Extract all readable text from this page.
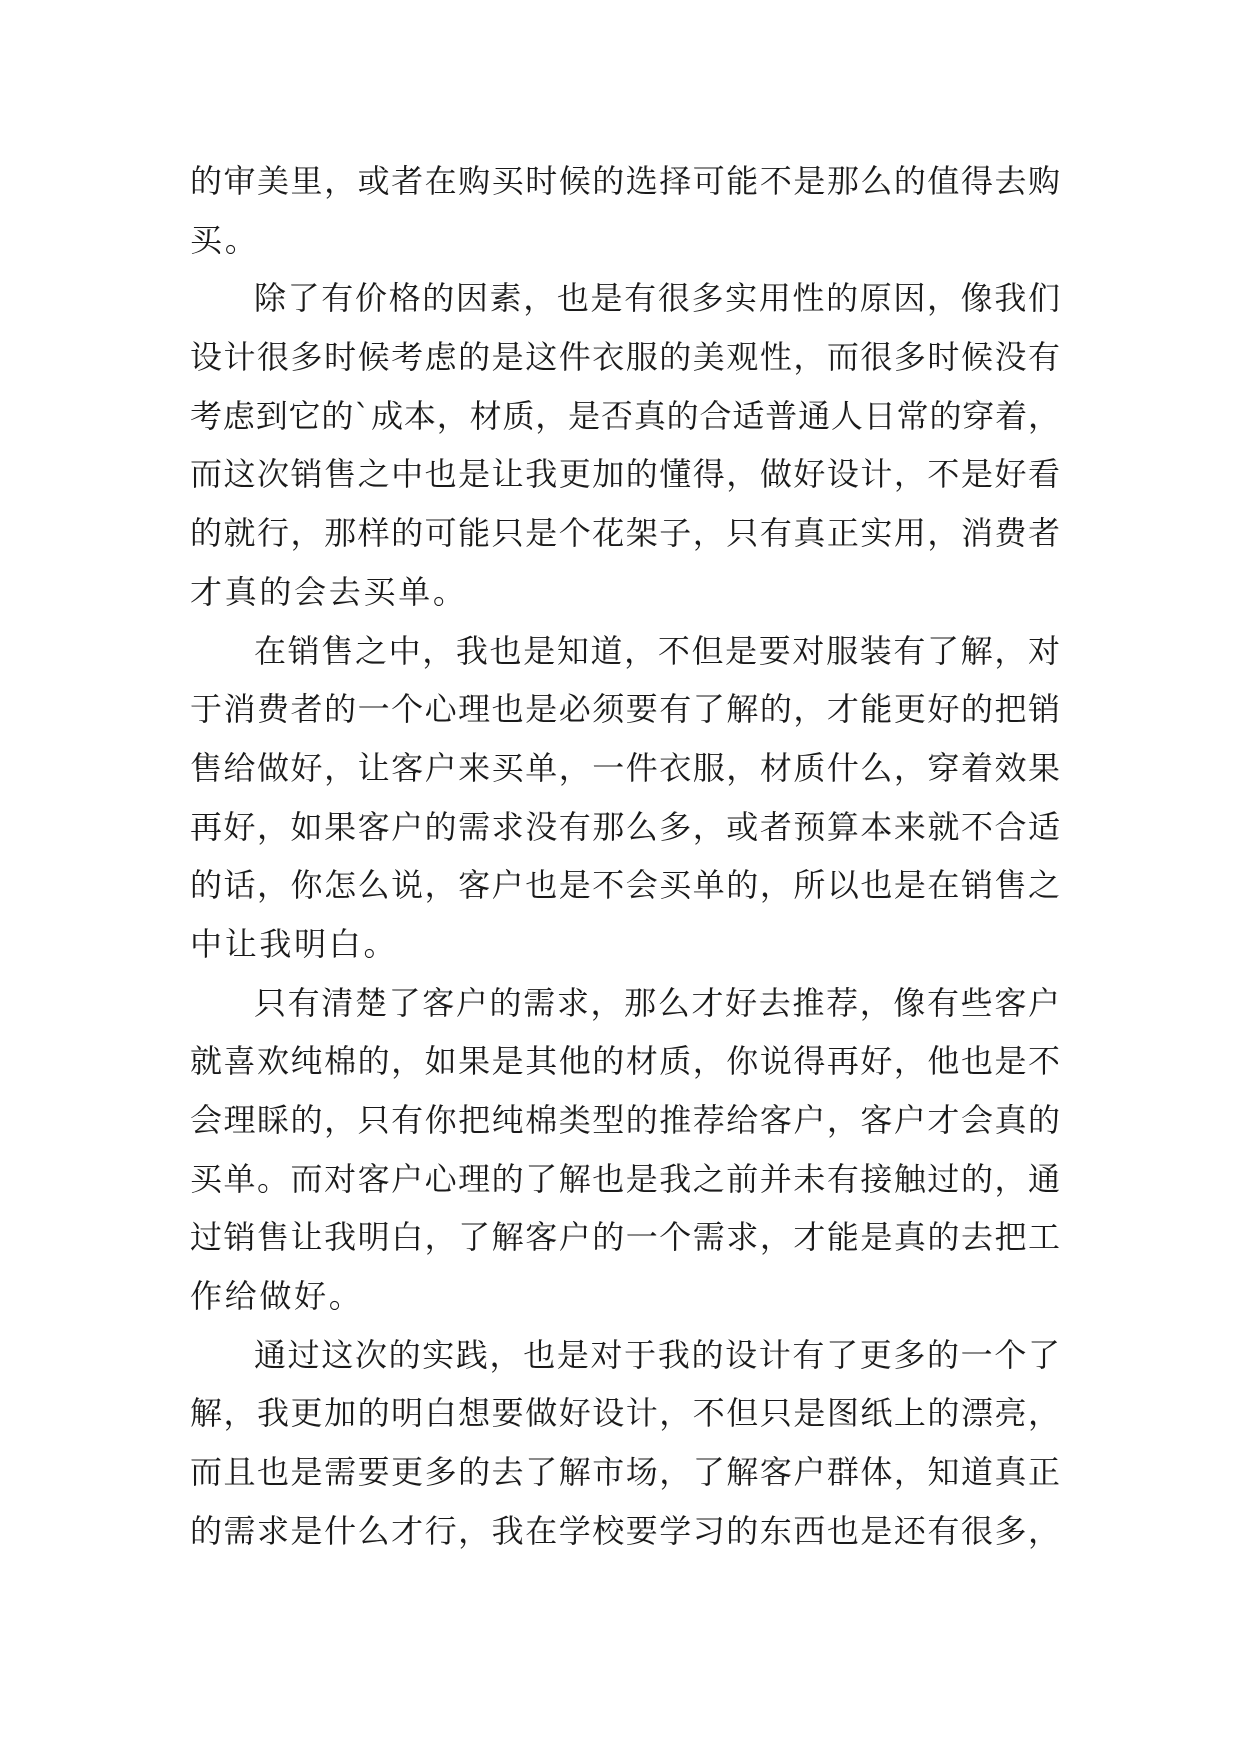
的审美里，或者在购买时候的选择可能不是那么的值得去购
买。
除了有价格的因素，也是有很多实用性的原因，像我们
设计很多时候考虑的是这件衣服的美观性，而很多时候没有
考虑到它的`成本，材质，是否真的合适普通人日常的穿着，
而这次销售之中也是让我更加的懂得，做好设计，不是好看
的就行，那样的可能只是个花架子，只有真正实用，消费者
才真的会去买单。
在销售之中，我也是知道，不但是要对服装有了解，对
于消费者的一个心理也是必须要有了解的，才能更好的把销
售给做好，让客户来买单，一件衣服，材质什么，穿着效果
再好，如果客户的需求没有那么多，或者预算本来就不合适
的话，你怎么说，客户也是不会买单的，所以也是在销售之
中让我明白。
只有清楚了客户的需求，那么才好去推荐，像有些客户
就喜欢纯棉的，如果是其他的材质，你说得再好，他也是不
会理睬的，只有你把纯棉类型的推荐给客户，客户才会真的
买单。而对客户心理的了解也是我之前并未有接触过的，通
过销售让我明白，了解客户的一个需求，才能是真的去把工
作给做好。
通过这次的实践，也是对于我的设计有了更多的一个了
解，我更加的明白想要做好设计，不但只是图纸上的漂亮，
而且也是需要更多的去了解市场，了解客户群体，知道真正
的需求是什么才行，我在学校要学习的东西也是还有很多，
